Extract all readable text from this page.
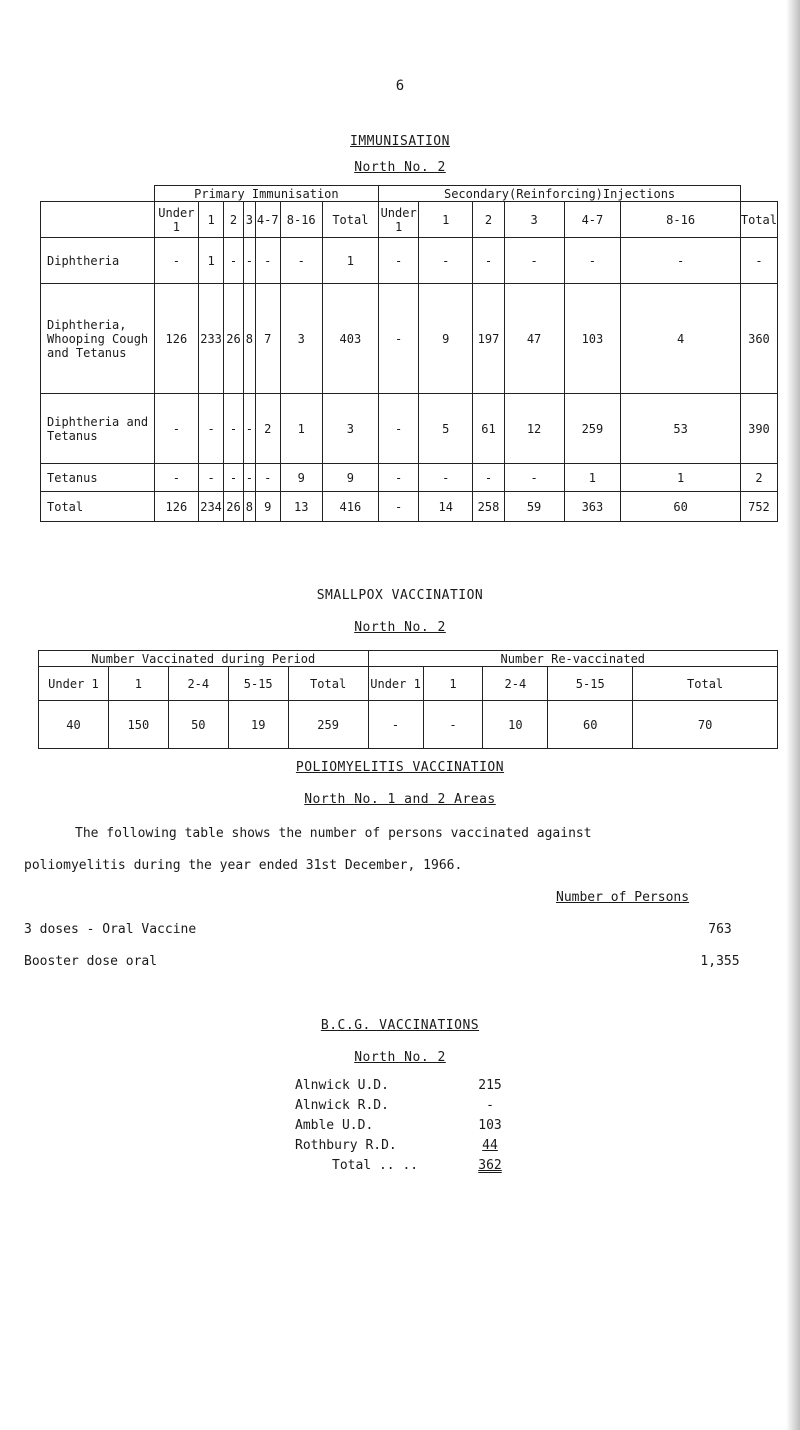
6
IMMUNISATION
North No. 2
	Primary Immunisation							Secondary(Reinforcing)Injections						
	Under 1	1	2	3	4-7	8-16	Total	Under 1	1	2	3	4-7	8-16	Total
Diphtheria	-	1	-	-	-	-	1	-	-	-	-	-	-	-
Diphtheria, Whooping Cough and Tetanus	126	233	26	8	7	3	403	-	9	197	47	103	4	360
Diphtheria and Tetanus	-	-	-	-	2	1	3	-	5	61	12	259	53	390
Tetanus	-	-	-	-	-	9	9	-	-	-	-	1	1	2
Total	126	234	26	8	9	13	416	-	14	258	59	363	60	752
SMALLPOX VACCINATION
North No. 2
Number Vaccinated during Period					Number Re-vaccinated				
Under 1	1	2-4	5-15	Total	Under 1	1	2-4	5-15	Total
40	150	50	19	259	-	-	10	60	70
POLIOMYELITIS VACCINATION
North No. 1 and 2 Areas
The following table shows the number of persons vaccinated against
poliomyelitis during the year ended 31st December, 1966.
Number of Persons
3 doses - Oral Vaccine	763
Booster dose oral	1,355
B.C.G. VACCINATIONS
North No. 2
Alnwick U.D.	215
Alnwick R.D.	-
Amble U.D.	103
Rothbury R.D.	44
Total .. ..	362
